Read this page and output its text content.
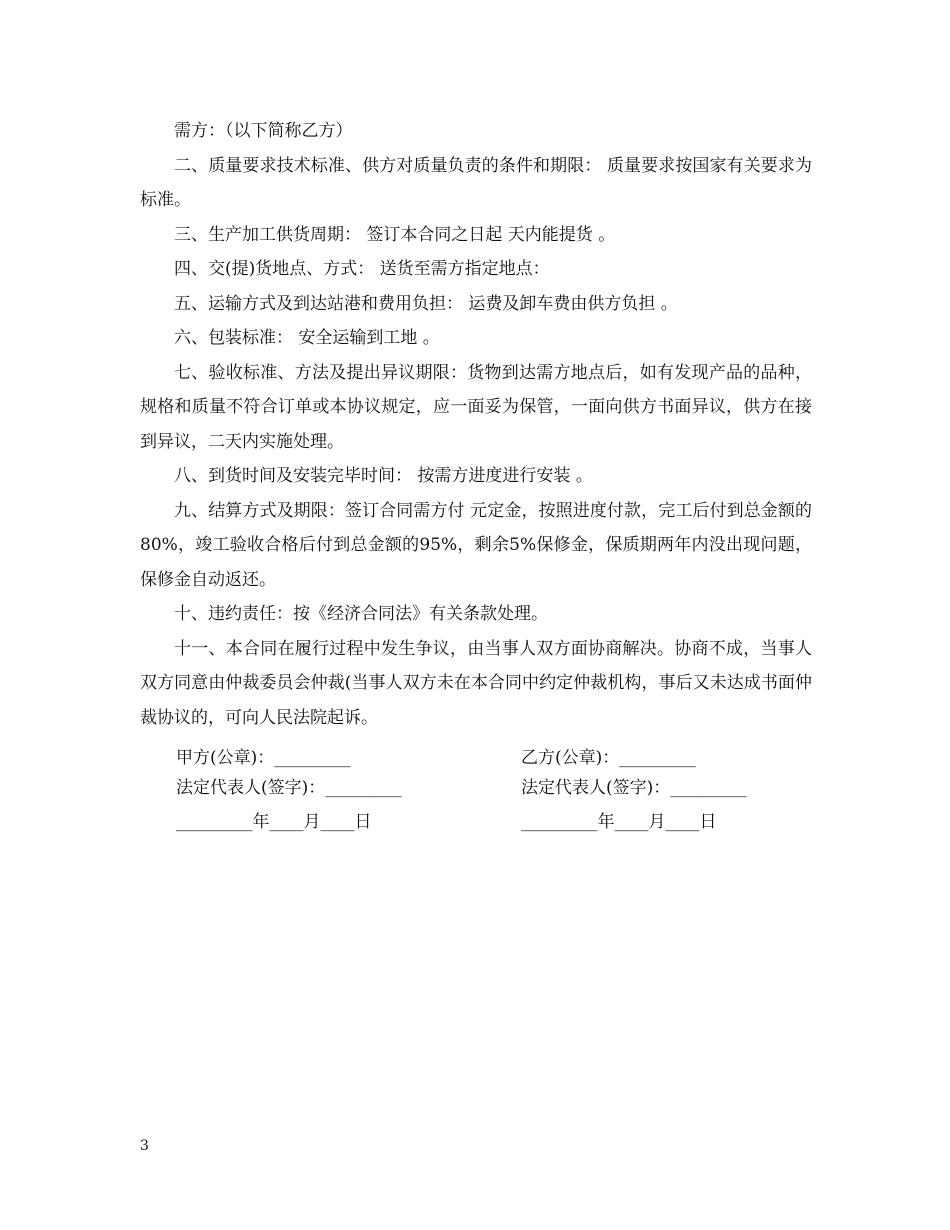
需方：（以下简称乙方）

二、质量要求技术标准、供方对质量负责的条件和期限： 质量要求按国家有关要求为标准。

三、生产加工供货周期： 签订本合同之日起 天内能提货 。

四、交(提)货地点、方式： 送货至需方指定地点：

五、运输方式及到达站港和费用负担： 运费及卸车费由供方负担 。

六、包装标准： 安全运输到工地 。

七、验收标准、方法及提出异议期限：货物到达需方地点后，如有发现产品的品种，规格和质量不符合订单或本协议规定，应一面妥为保管，一面向供方书面异议，供方在接到异议，二天内实施处理。

八、到货时间及安装完毕时间： 按需方进度进行安装 。

九、结算方式及期限：签订合同需方付 元定金，按照进度付款，完工后付到总金额的80%，竣工验收合格后付到总金额的95%，剩余5%保修金，保质期两年内没出现问题，保修金自动返还。

十、违约责任：按《经济合同法》有关条款处理。

十一、本合同在履行过程中发生争议，由当事人双方面协商解决。协商不成，当事人双方同意由仲裁委员会仲裁(当事人双方未在本合同中约定仲裁机构，事后又未达成书面仲裁协议的，可向人民法院起诉。

甲方(公章)：_________	乙方(公章)：_________
法定代表人(签字)：_________	法定代表人(签字)：_________
_________年____月____日	_________年____月____日
3
